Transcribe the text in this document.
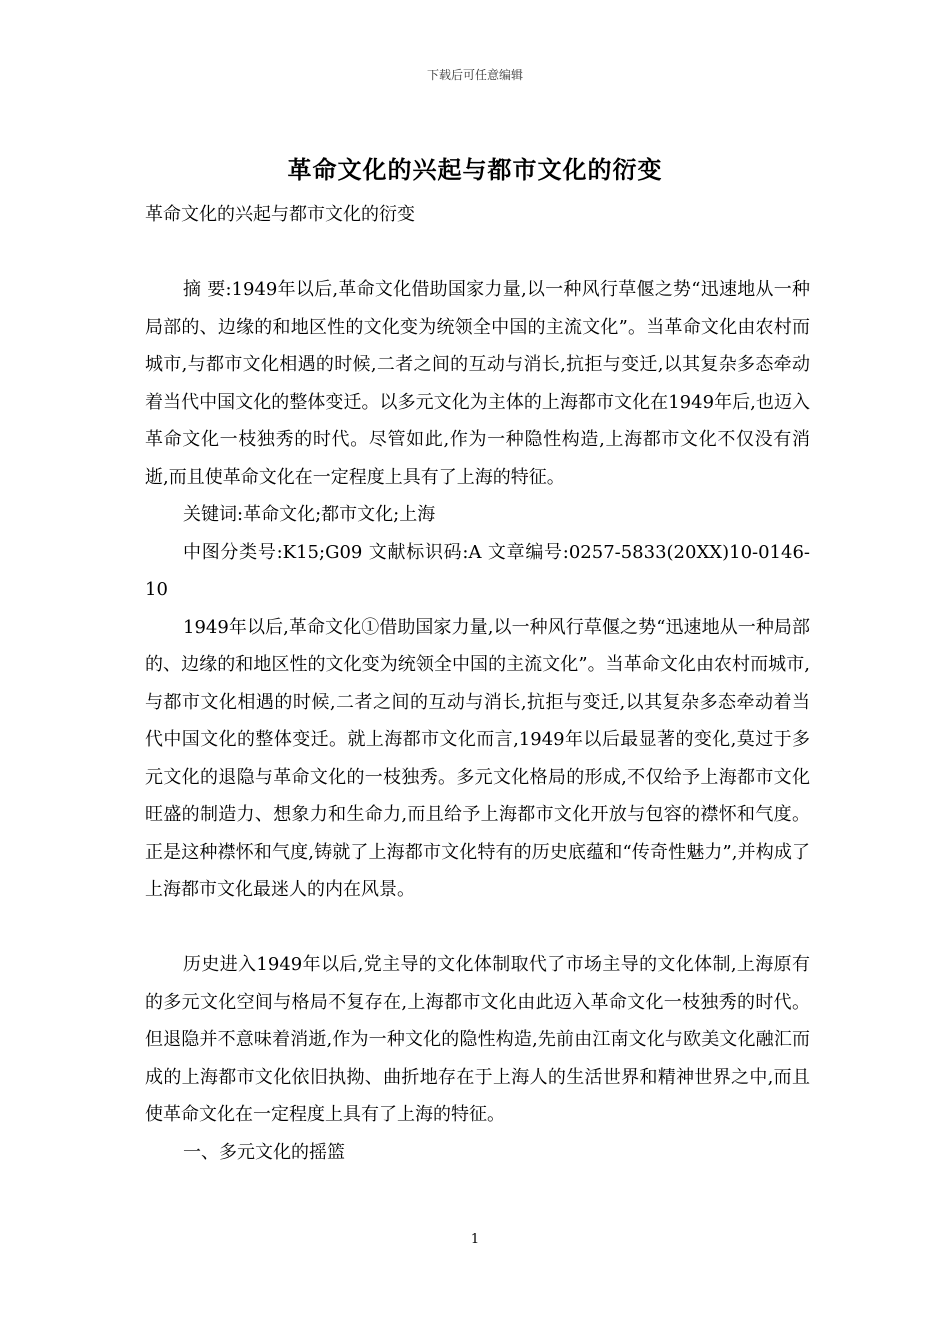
下载后可任意编辑
革命文化的兴起与都市文化的衍变

革命文化的兴起与都市文化的衍变

摘 要:1949年以后,革命文化借助国家力量,以一种风行草偃之势“迅速地从一种局部的、边缘的和地区性的文化变为统领全中国的主流文化”。当革命文化由农村而城市,与都市文化相遇的时候,二者之间的互动与消长,抗拒与变迁,以其复杂多态牵动着当代中国文化的整体变迁。以多元文化为主体的上海都市文化在1949年后,也迈入革命文化一枝独秀的时代。尽管如此,作为一种隐性构造,上海都市文化不仅没有消逝,而且使革命文化在一定程度上具有了上海的特征。

关键词:革命文化;都市文化;上海

中图分类号:K15;G09 文献标识码:A 文章编号:0257-5833(20XX)10-0146-10

1949年以后,革命文化①借助国家力量,以一种风行草偃之势“迅速地从一种局部的、边缘的和地区性的文化变为统领全中国的主流文化”。当革命文化由农村而城市,与都市文化相遇的时候,二者之间的互动与消长,抗拒与变迁,以其复杂多态牵动着当代中国文化的整体变迁。就上海都市文化而言,1949年以后最显著的变化,莫过于多元文化的退隐与革命文化的一枝独秀。多元文化格局的形成,不仅给予上海都市文化旺盛的制造力、想象力和生命力,而且给予上海都市文化开放与包容的襟怀和气度。正是这种襟怀和气度,铸就了上海都市文化特有的历史底蕴和“传奇性魅力”,并构成了上海都市文化最迷人的内在风景。

历史进入1949年以后,党主导的文化体制取代了市场主导的文化体制,上海原有的多元文化空间与格局不复存在,上海都市文化由此迈入革命文化一枝独秀的时代。但退隐并不意味着消逝,作为一种文化的隐性构造,先前由江南文化与欧美文化融汇而成的上海都市文化依旧执拗、曲折地存在于上海人的生活世界和精神世界之中,而且使革命文化在一定程度上具有了上海的特征。

一、多元文化的摇篮

1
